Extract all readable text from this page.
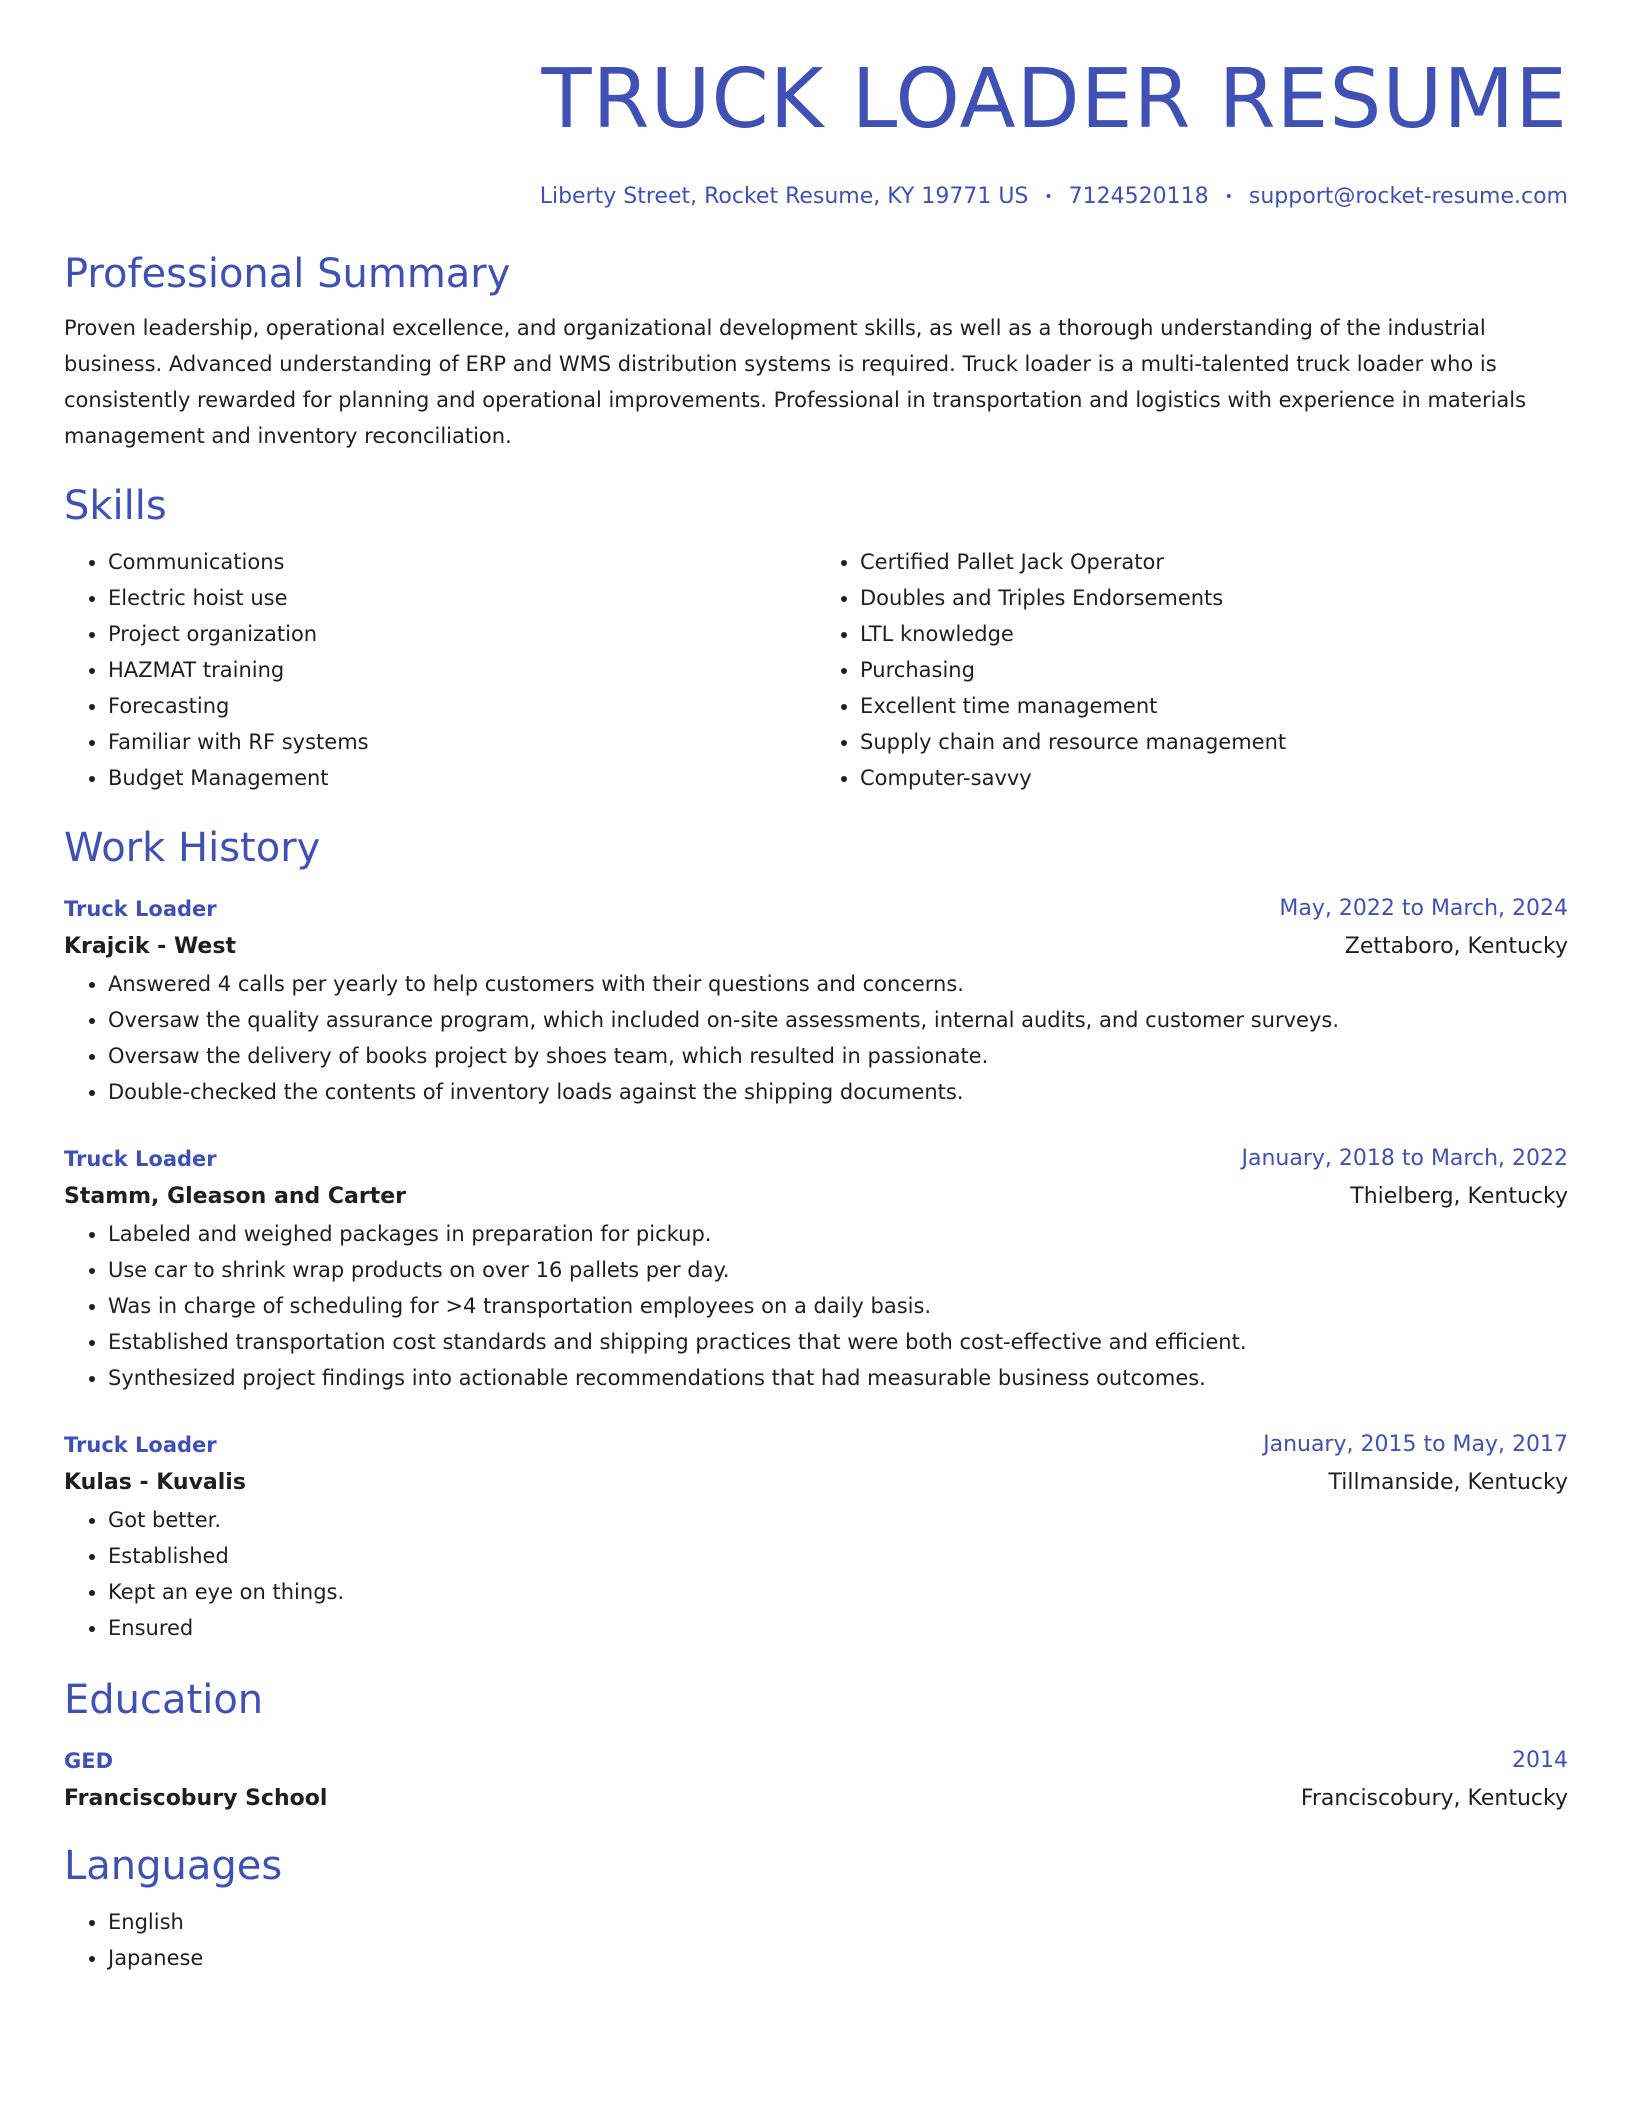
TRUCK LOADER RESUME
Liberty Street, Rocket Resume, KY 19771 US • 7124520118 • support@rocket-resume.com
Professional Summary

Proven leadership, operational excellence, and organizational development skills, as well as a thorough understanding of the industrial business. Advanced understanding of ERP and WMS distribution systems is required. Truck loader is a multi-talented truck loader who is consistently rewarded for planning and operational improvements. Professional in transportation and logistics with experience in materials management and inventory reconciliation.

Skills
• Communications
• Electric hoist use
• Project organization
• HAZMAT training
• Forecasting
• Familiar with RF systems
• Budget Management
• Certified Pallet Jack Operator
• Doubles and Triples Endorsements
• LTL knowledge
• Purchasing
• Excellent time management
• Supply chain and resource management
• Computer-savvy
Work History
Truck Loader	May, 2022 to March, 2024
Krajcik - West	Zettaboro, Kentucky
• Answered 4 calls per yearly to help customers with their questions and concerns.
• Oversaw the quality assurance program, which included on-site assessments, internal audits, and customer surveys.
• Oversaw the delivery of books project by shoes team, which resulted in passionate.
• Double-checked the contents of inventory loads against the shipping documents.
Truck Loader	January, 2018 to March, 2022
Stamm, Gleason and Carter	Thielberg, Kentucky
• Labeled and weighed packages in preparation for pickup.
• Use car to shrink wrap products on over 16 pallets per day.
• Was in charge of scheduling for >4 transportation employees on a daily basis.
• Established transportation cost standards and shipping practices that were both cost-effective and efficient.
• Synthesized project findings into actionable recommendations that had measurable business outcomes.
Truck Loader	January, 2015 to May, 2017
Kulas - Kuvalis	Tillmanside, Kentucky
• Got better.
• Established
• Kept an eye on things.
• Ensured
Education
GED	2014
Franciscobury School	Franciscobury, Kentucky
Languages
• English
• Japanese
